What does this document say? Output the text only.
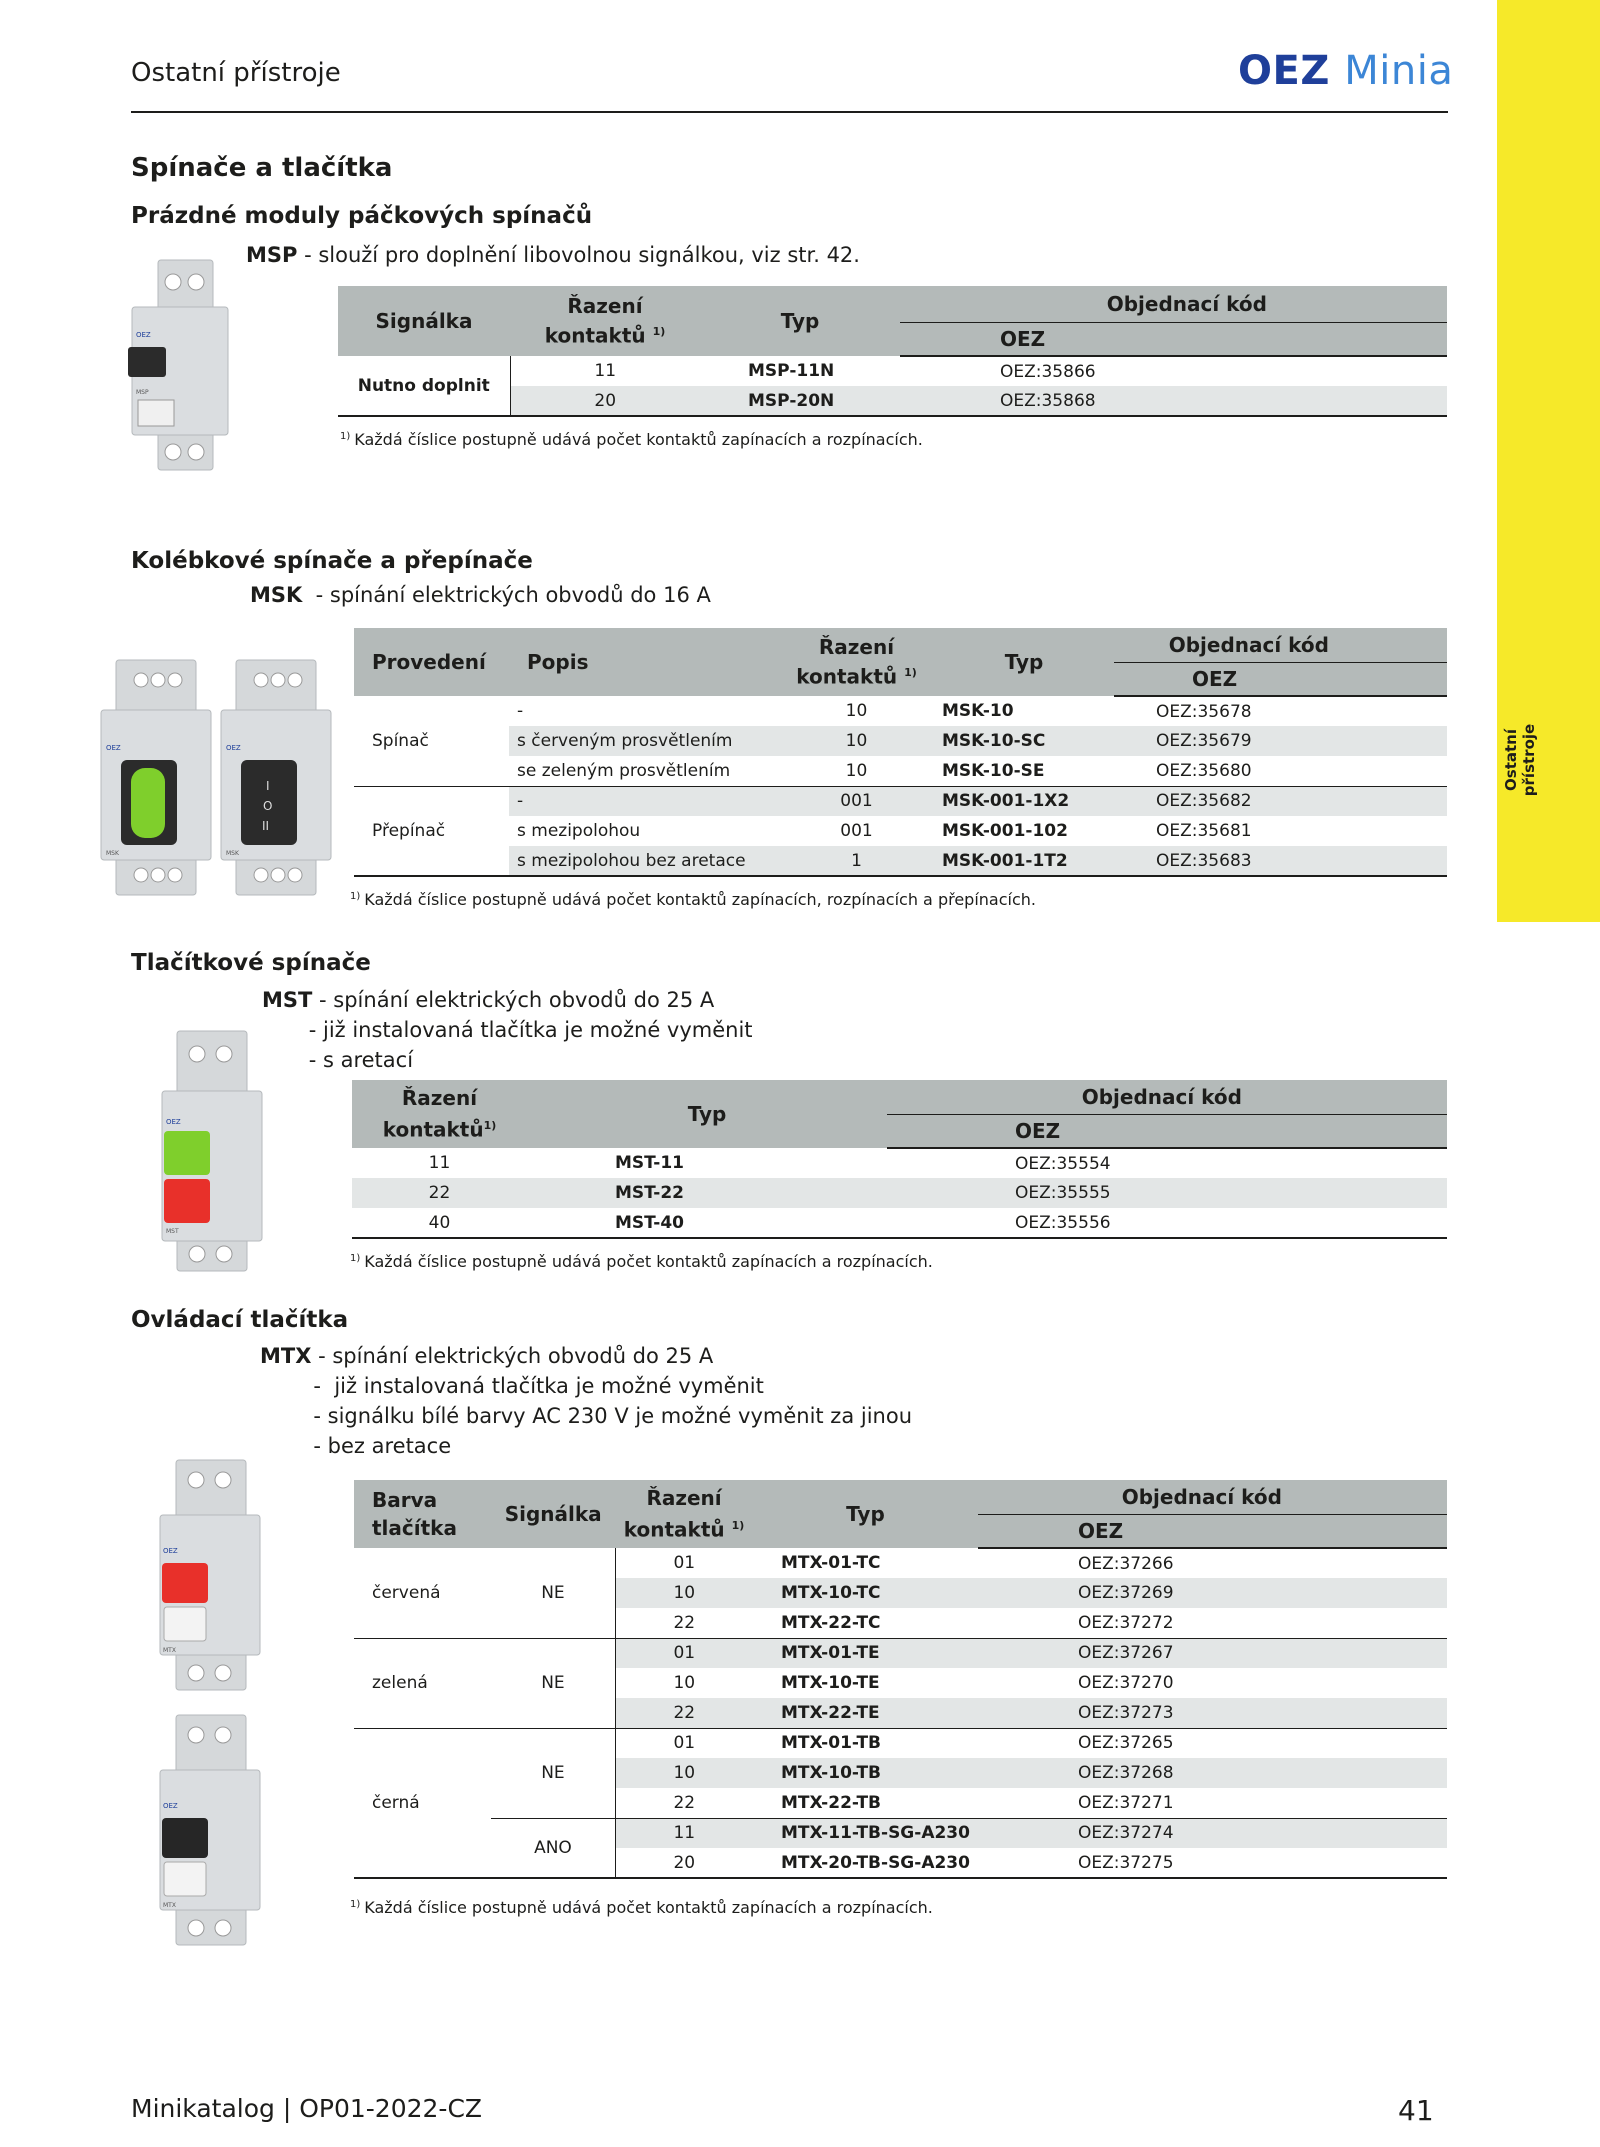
Ostatní přístroje	OEZ Minia
Ostatní přístroje
Spínače a tlačítka
Prázdné moduly páčkových spínačů
MSP - slouží pro doplnění libovolnou signálkou, viz str. 42.
OEZ
MSP
Signálka	Řazení
kontaktů $^{1)}$	Typ	Objednací kód
			OEZ
Nutno doplnit	11	MSP-11N	OEZ:35866
	20	MSP-20N	OEZ:35868
$^{1)}$ Každá číslice postupně udává počet kontaktů zapínacích a rozpínacích.
Kolébkové spínače a přepínače
MSK  - spínání elektrických obvodů do 16 A
OEZ
MSK
I
O
II
OEZ
MSK
Provedení	Popis	Řazení
kontaktů $^{1)}$	Typ	Objednací kód
				OEZ
Spínač	-	10	MSK-10	OEZ:35678
	s červeným prosvětlením	10	MSK-10-SC	OEZ:35679
	se zeleným prosvětlením	10	MSK-10-SE	OEZ:35680
Přepínač	-	001	MSK-001-1X2	OEZ:35682
	s mezipolohou	001	MSK-001-102	OEZ:35681
	s mezipolohou bez aretace	1	MSK-001-1T2	OEZ:35683
$^{1)}$ Každá číslice postupně udává počet kontaktů zapínacích, rozpínacích a přepínacích.
Tlačítkové spínače
MST - spínání elektrických obvodů do 25 A
- již instalovaná tlačítka je možné vyměnit
- s aretací
OEZ
MST
Řazení
kontaktů$^{1)}$	Typ	Objednací kód
		OEZ
11	MST-11	OEZ:35554
22	MST-22	OEZ:35555
40	MST-40	OEZ:35556
$^{1)}$ Každá číslice postupně udává počet kontaktů zapínacích a rozpínacích.
Ovládací tlačítka
MTX - spínání elektrických obvodů do 25 A
-  již instalovaná tlačítka je možné vyměnit
- signálku bílé barvy AC 230 V je možné vyměnit za jinou
- bez aretace
OEZ
MTX
OEZ
MTX
Barva
tlačítka	Signálka	Řazení
kontaktů $^{1)}$	Typ	Objednací kód
				OEZ
červená	NE	01	MTX-01-TC	OEZ:37266
		10	MTX-10-TC	OEZ:37269
		22	MTX-22-TC	OEZ:37272
zelená	NE	01	MTX-01-TE	OEZ:37267
		10	MTX-10-TE	OEZ:37270
		22	MTX-22-TE	OEZ:37273
černá	NE	01	MTX-01-TB	OEZ:37265
		10	MTX-10-TB	OEZ:37268
		22	MTX-22-TB	OEZ:37271
	ANO	11	MTX-11-TB-SG-A230	OEZ:37274
		20	MTX-20-TB-SG-A230	OEZ:37275
$^{1)}$ Každá číslice postupně udává počet kontaktů zapínacích a rozpínacích.
Minikatalog | OP01-2022-CZ	41
